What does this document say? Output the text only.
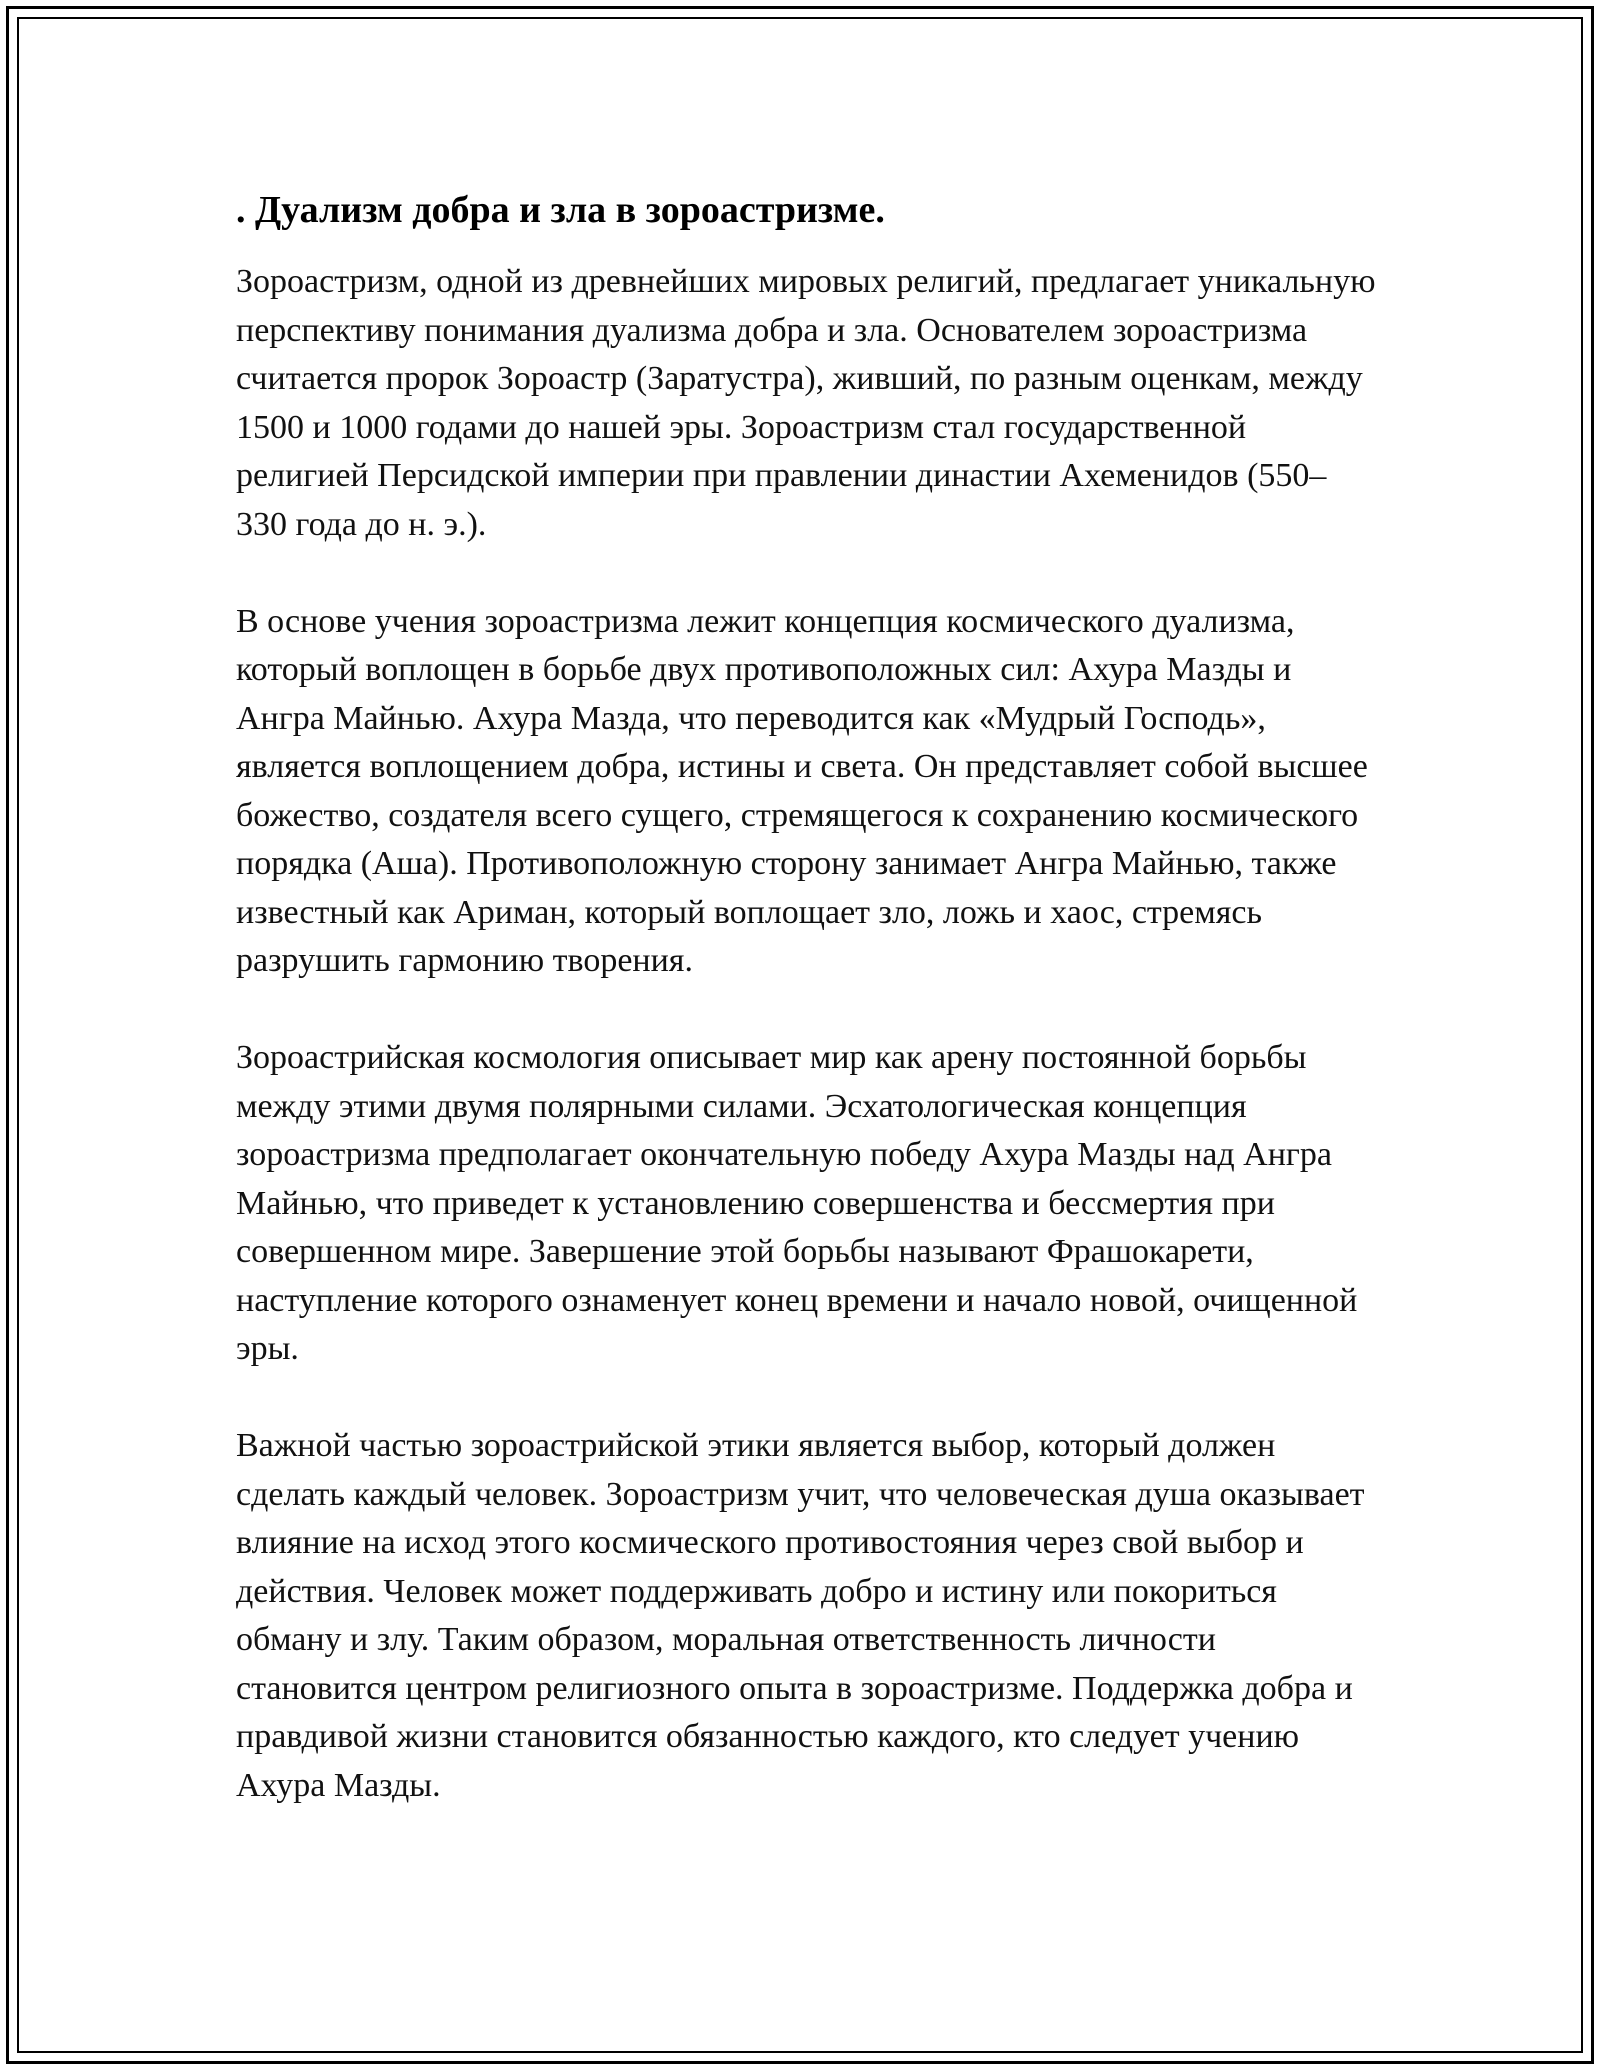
. Дуализм добра и зла в зороастризме.

Зороастризм, одной из древнейших мировых религий, предлагает уникальную перспективу понимания дуализма добра и зла. Основателем зороастризма считается пророк Зороастр (Заратустра), живший, по разным оценкам, между 1500 и 1000 годами до нашей эры. Зороастризм стал государственной религией Персидской империи при правлении династии Ахеменидов (550–330 года до н. э.).

В основе учения зороастризма лежит концепция космического дуализма, который воплощен в борьбе двух противоположных сил: Ахура Мазды и Ангра Майнью. Ахура Мазда, что переводится как «Мудрый Господь», является воплощением добра, истины и света. Он представляет собой высшее божество, создателя всего сущего, стремящегося к сохранению космического порядка (Аша). Противоположную сторону занимает Ангра Майнью, также известный как Ариман, который воплощает зло, ложь и хаос, стремясь разрушить гармонию творения.

Зороастрийская космология описывает мир как арену постоянной борьбы между этими двумя полярными силами. Эсхатологическая концепция зороастризма предполагает окончательную победу Ахура Мазды над Ангра Майнью, что приведет к установлению совершенства и бессмертия при совершенном мире. Завершение этой борьбы называют Фрашокарети, наступление которого ознаменует конец времени и начало новой, очищенной эры.

Важной частью зороастрийской этики является выбор, который должен сделать каждый человек. Зороастризм учит, что человеческая душа оказывает влияние на исход этого космического противостояния через свой выбор и действия. Человек может поддерживать добро и истину или покориться обману и злу. Таким образом, моральная ответственность личности становится центром религиозного опыта в зороастризме. Поддержка добра и правдивой жизни становится обязанностью каждого, кто следует учению Ахура Мазды.
